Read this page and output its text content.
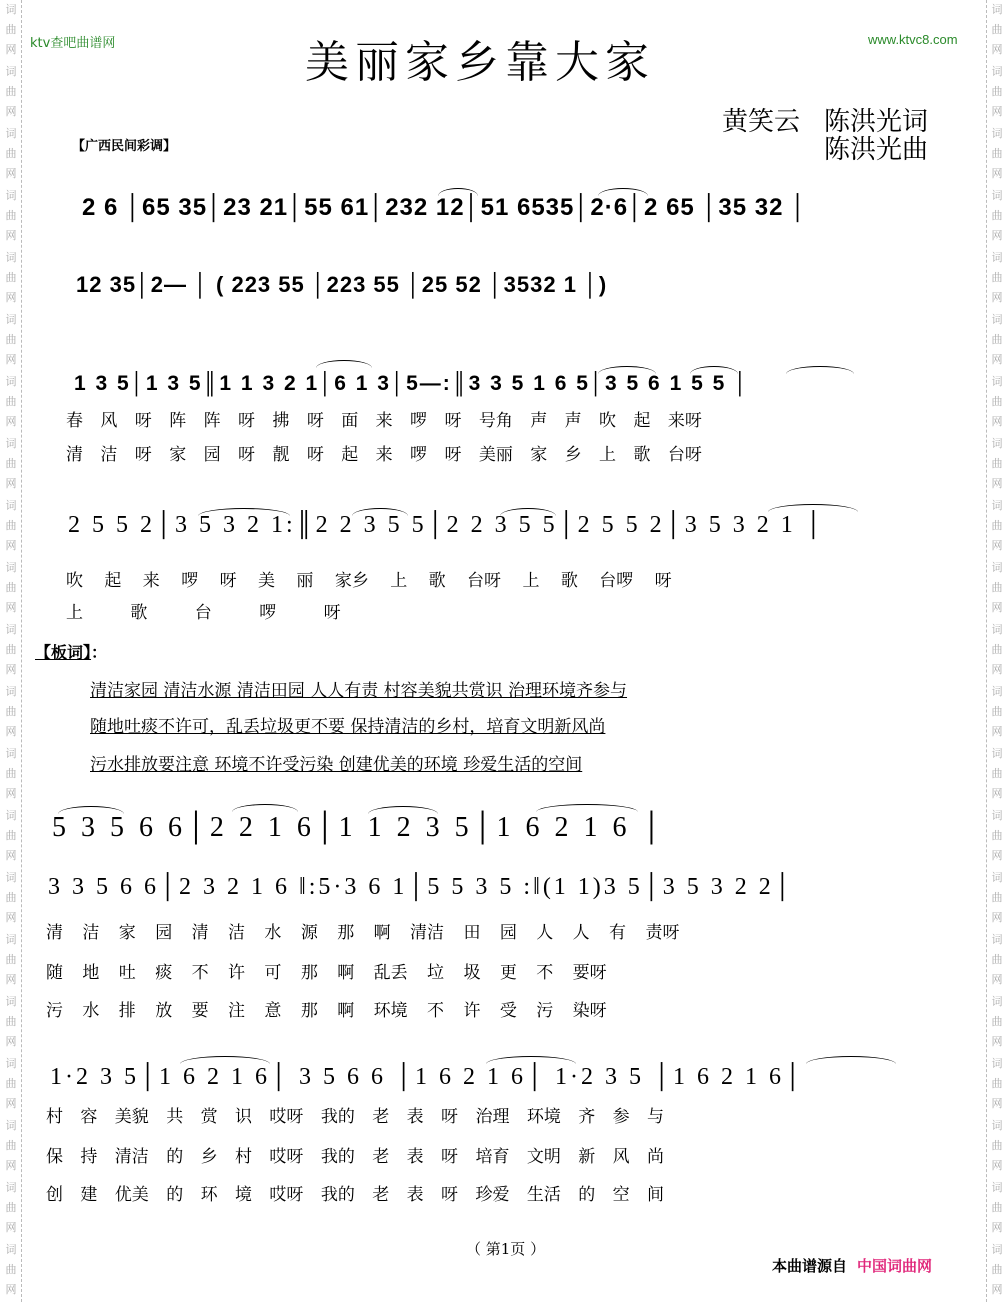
词
曲
网
词
曲
网
词
曲
网
词
曲
网
词
曲
网
词
曲
网
词
曲
网
词
曲
网
词
曲
网
词
曲
网
词
曲
网
词
曲
网
词
曲
网
词
曲
网
词
曲
网
词
曲
网
词
曲
网
词
曲
网
词
曲
网
词
曲
网
词
曲
网
词
曲
网
词
曲
网
词
曲
网
词
曲
网
词
曲
网
词
曲
网
词
曲
网
词
曲
网
词
曲
网
词
曲
网
词
曲
网
词
曲
网
词
曲
网
词
曲
网
词
曲
网
词
曲
网
词
曲
网
词
曲
网
词
曲
网
词
曲
网
词
曲
网
ktv查吧曲谱网	www.ktvc8.com
美丽家乡靠大家
【广西民间彩调】
黄笑云 陈洪光词
陈洪光曲
2 6 │65 35│23 21│55 61│232 12│51 6535│2·6│2 65 │35 32 │
12 35│2— │ ( 223 55 │223 55 │25 52 │3532 1 │)
1 3 5│1 3 5║1 1 3 2 1│6 1 3│5—:║3 3 5 1 6 5│3 5 6 1 5 5 │
春 风 呀 阵 阵 呀 拂 呀 面 来 啰 呀 号角 声 声 吹 起 来呀
清 洁 呀 家 园 呀 靓 呀 起 来 啰 呀 美丽 家 乡 上 歌 台呀
2 5 5 2│3 5 3 2 1:║2 2 3 5 5│2 2 3 5 5│2 5 5 2│3 5 3 2 1 │
吹 起 来 啰 呀 美 丽 家乡 上 歌 台呀 上 歌 台啰 呀
上 歌 台 啰 呀
【板词】：
清洁家园 清洁水源 清洁田园 人人有责 村容美貌共赏识 治理环境齐参与
随地吐痰不许可，乱丢垃圾更不要 保持清洁的乡村，培育文明新风尚
污水排放要注意 环境不许受污染 创建优美的环境 珍爱生活的空间
5 3 5 6 6│2 2 1 6│1 1 2 3 5│1 6 2 1 6 │
3 3 5 6 6│2 3 2 1 6 ‖:5·3 6 1│5 5 3 5 :‖(1 1)3 5│3 5 3 2 2│
清 洁 家 园 清 洁 水 源 那 啊 清洁 田 园 人 人 有 责呀
随 地 吐 痰 不 许 可 那 啊 乱丢 垃 圾 更 不 要呀
污 水 排 放 要 注 意 那 啊 环境 不 许 受 污 染呀
1·2 3 5│1 6 2 1 6│ 3 5 6 6 │1 6 2 1 6│ 1·2 3 5 │1 6 2 1 6│
村 容 美貌 共 赏 识 哎呀 我的 老 表 呀 治理 环境 齐 参 与
保 持 清洁 的 乡 村 哎呀 我的 老 表 呀 培育 文明 新 风 尚
创 建 优美 的 环 境 哎呀 我的 老 表 呀 珍爱 生活 的 空 间
（ 第1页 ）
本曲谱源自 中国词曲网
